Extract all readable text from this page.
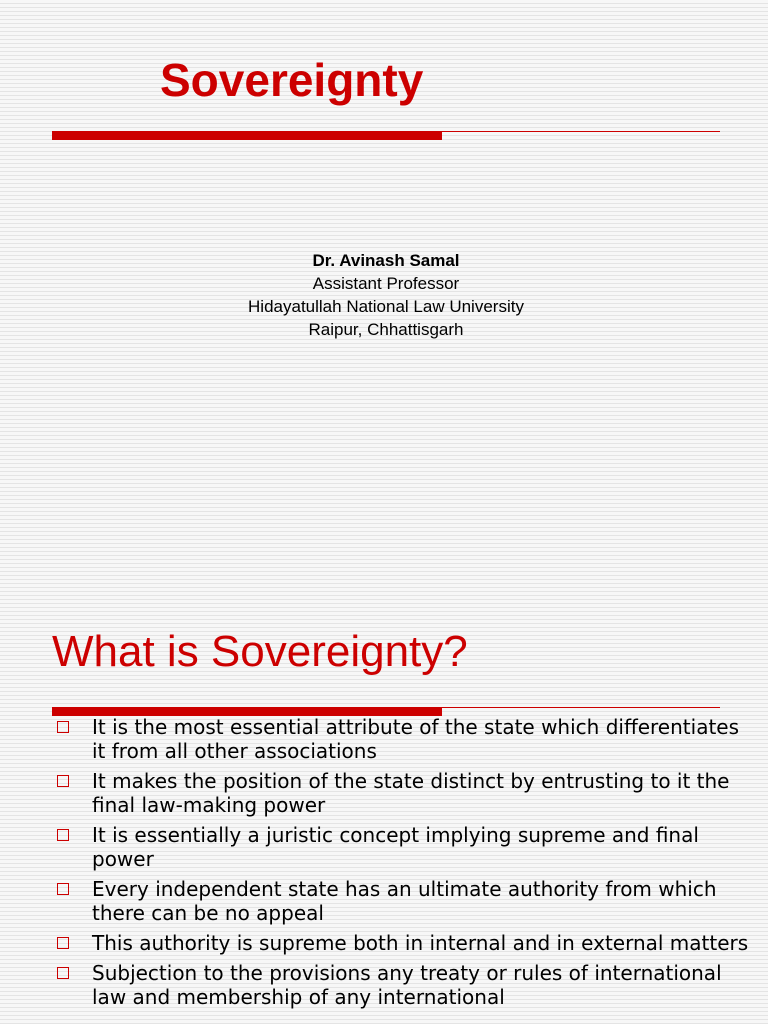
Sovereignty
Dr. Avinash Samal
Assistant Professor
Hidayatullah National Law University
Raipur, Chhattisgarh
What is Sovereignty?
It is the most essential attribute of the state which differentiates it from all other associations
It makes the position of the state distinct by entrusting to it the final law-making power
It is essentially a juristic concept implying supreme and final power
Every independent state has an ultimate authority from which there can be no appeal
This authority is supreme both in internal and in external matters
Subjection to the provisions any treaty or rules of international law and membership of any international
